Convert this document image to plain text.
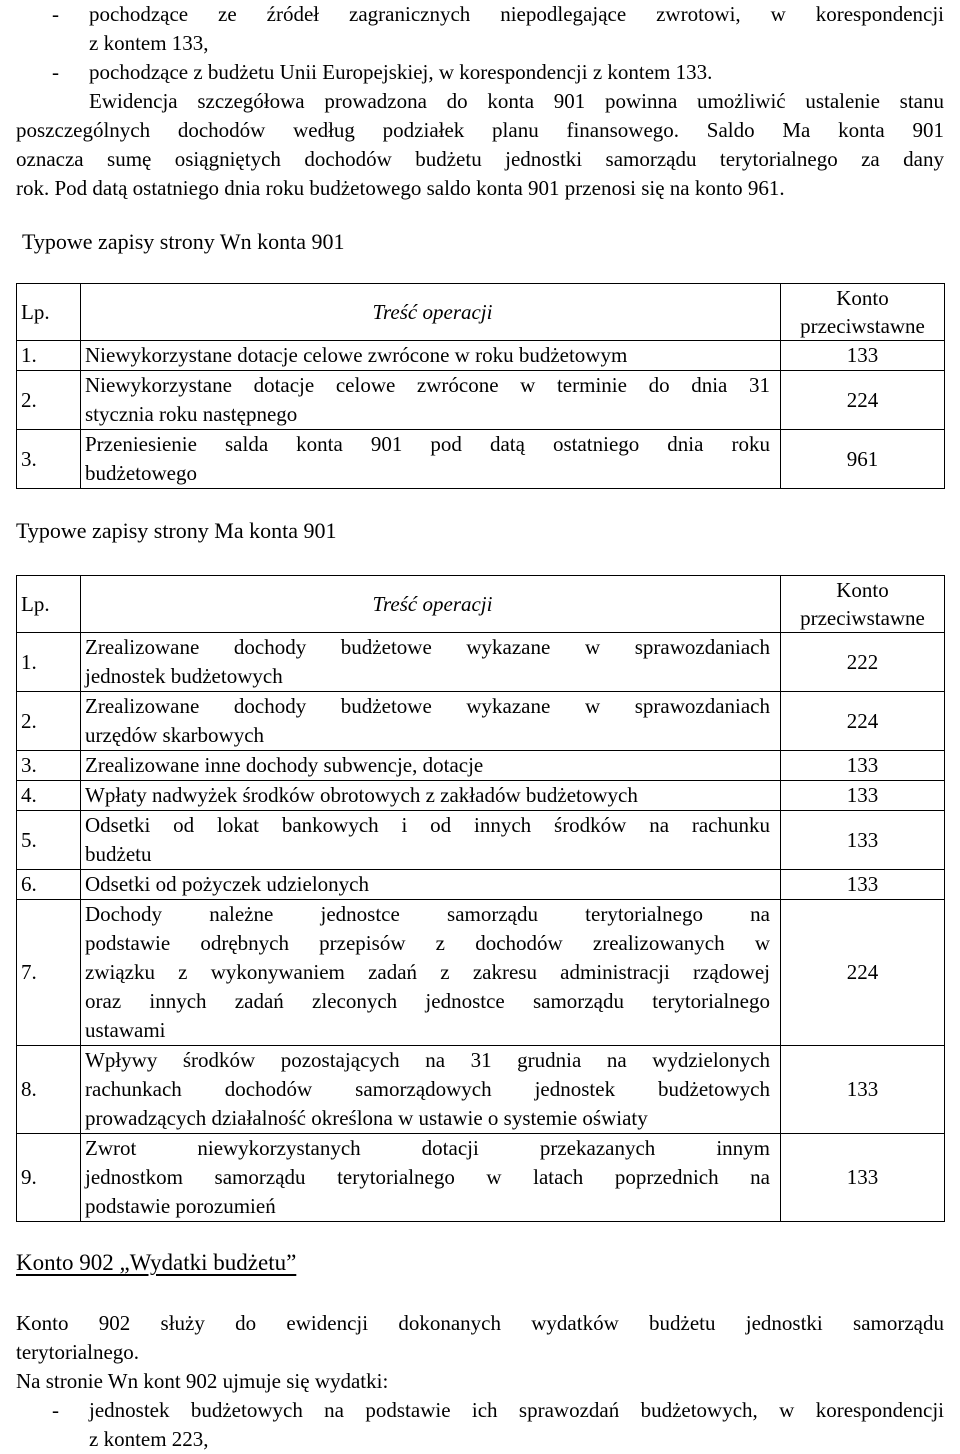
- pochodzące ze źródeł zagranicznych niepodlegające zwrotowi, w korespondencji
z kontem 133,
- pochodzące z budżetu Unii Europejskiej, w korespondencji z kontem 133.
Ewidencja szczegółowa prowadzona do konta 901 powinna umożliwić ustalenie stanu
poszczególnych dochodów według podziałek planu finansowego. Saldo Ma konta 901
oznacza sumę osiągniętych dochodów budżetu jednostki samorządu terytorialnego za dany
rok. Pod datą ostatniego dnia roku budżetowego saldo konta 901 przenosi się na konto 961.
Typowe zapisy strony Wn konta 901
Lp.	Treść operacji	Konto
przeciwstawne

1.	Niewykorzystane dotacje celowe zwrócone w roku budżetowym	133
2.	Niewykorzystane dotacje celowe zwrócone w terminie do dnia 31
stycznia roku następnego	224
3.	Przeniesienie salda konta 901 pod datą ostatniego dnia roku
budżetowego	961
Typowe zapisy strony Ma konta 901
Lp.	Treść operacji	Konto
przeciwstawne

1.	Zrealizowane dochody budżetowe wykazane w sprawozdaniach
jednostek budżetowych	222
2.	Zrealizowane dochody budżetowe wykazane w sprawozdaniach
urzędów skarbowych	224
3.	Zrealizowane inne dochody subwencje, dotacje	133
4.	Wpłaty nadwyżek środków obrotowych z zakładów budżetowych	133
5.	Odsetki od lokat bankowych i od innych środków na rachunku
budżetu	133
6.	Odsetki od pożyczek udzielonych	133
7.	Dochody należne jednostce samorządu terytorialnego na
podstawie odrębnych przepisów z dochodów zrealizowanych w
związku z wykonywaniem zadań z zakresu administracji rządowej
oraz innych zadań zleconych jednostce samorządu terytorialnego
ustawami	224
8.	Wpływy środków pozostających na 31 grudnia na wydzielonych
rachunkach dochodów samorządowych jednostek budżetowych
prowadzących działalność określona w ustawie o systemie oświaty	133
9.	Zwrot niewykorzystanych dotacji przekazanych innym
jednostkom samorządu terytorialnego w latach poprzednich na
podstawie porozumień	133
Konto 902 „Wydatki budżetu”
Konto 902 służy do ewidencji dokonanych wydatków budżetu jednostki samorządu
terytorialnego.
Na stronie Wn kont 902 ujmuje się wydatki:
- jednostek budżetowych na podstawie ich sprawozdań budżetowych, w korespondencji
z kontem 223,
